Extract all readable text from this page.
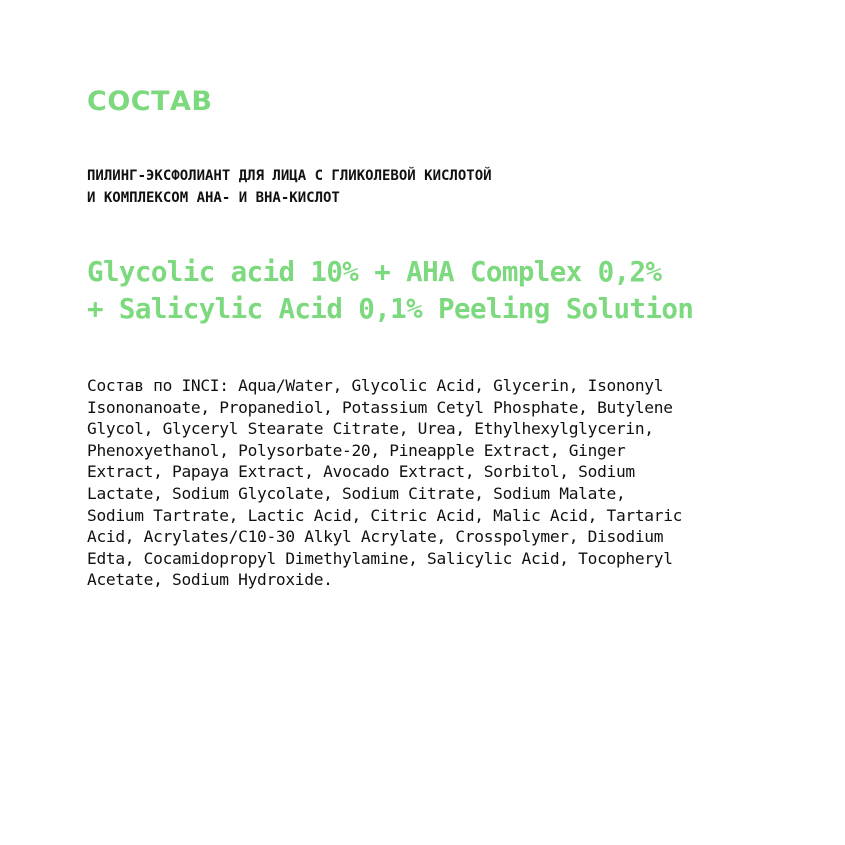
СОСТАВ
ПИЛИНГ-ЭКСФОЛИАНТ ДЛЯ ЛИЦА С ГЛИКОЛЕВОЙ КИСЛОТОЙ
И КОМПЛЕКСОМ AHA- И BHA-КИСЛОТ
Glycolic acid 10% + AHA Complex 0,2%
+ Salicylic Acid 0,1% Peeling Solution
Состав по INCI: Aqua/Water, Glycolic Acid, Glycerin, Isononyl
Isononanoate, Propanediol, Potassium Cetyl Phosphate, Butylene
Glycol, Glyceryl Stearate Citrate, Urea, Ethylhexylglycerin,
Phenoxyethanol, Polysorbate-20, Pineapple Extract, Ginger
Extract, Papaya Extract, Avocado Extract, Sorbitol, Sodium
Lactate, Sodium Glycolate, Sodium Citrate, Sodium Malate,
Sodium Tartrate, Lactic Acid, Citric Acid, Malic Acid, Tartaric
Acid, Acrylates/C10-30 Alkyl Acrylate, Crosspolymer, Disodium
Edta, Cocamidopropyl Dimethylamine, Salicylic Acid, Tocopheryl
Acetate, Sodium Hydroxide.
